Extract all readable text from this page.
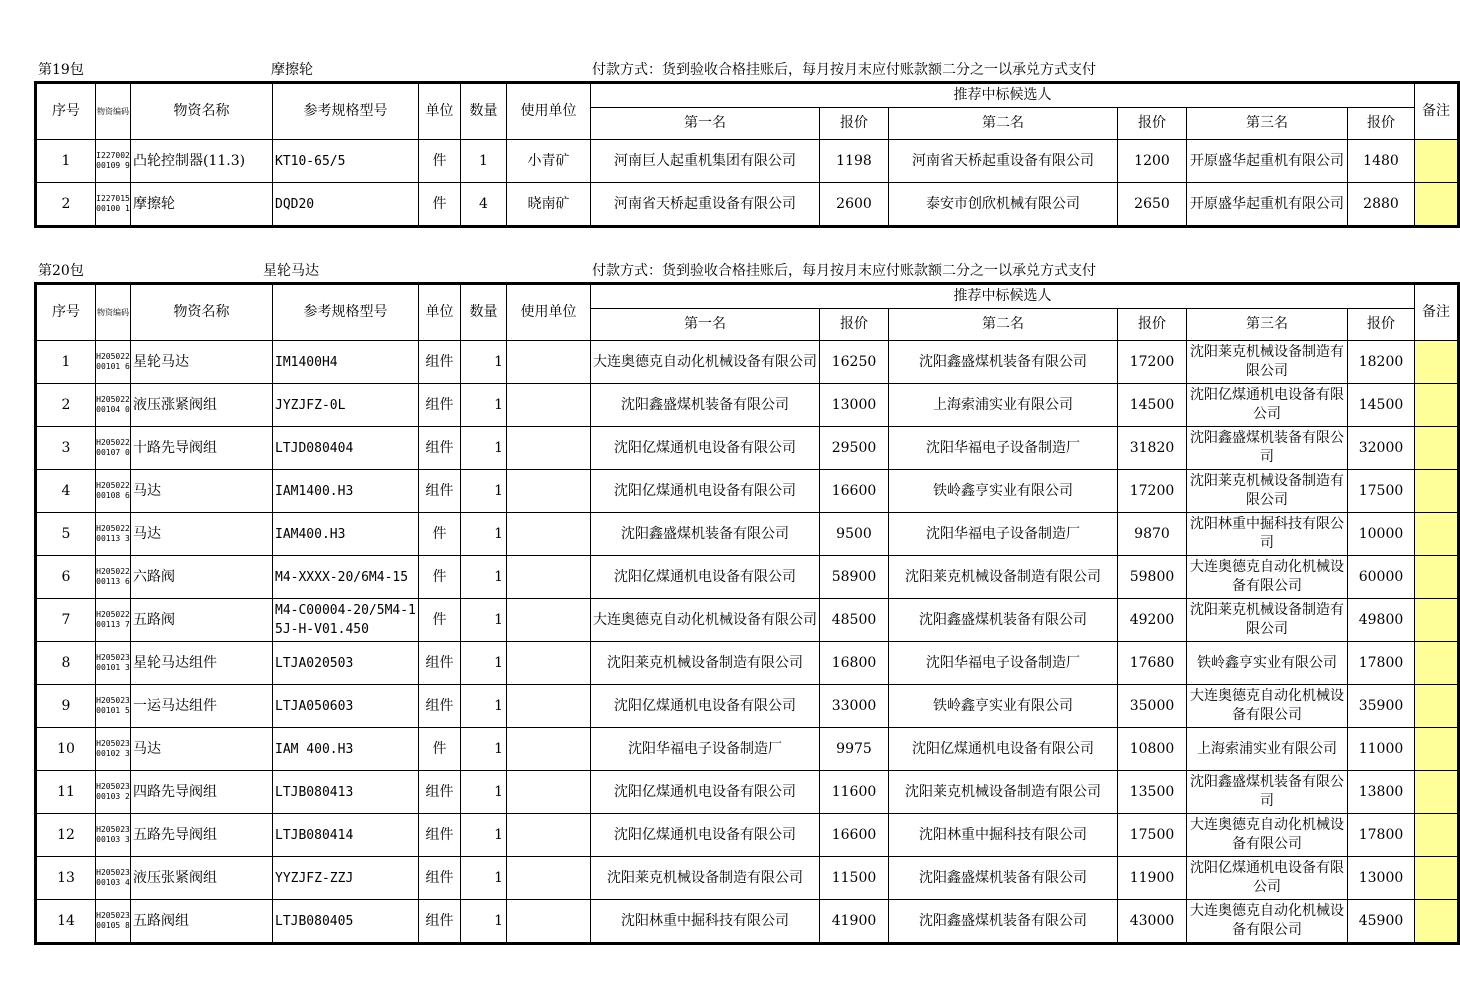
第19包	摩擦轮	付款方式：货到验收合格挂账后，每月按月末应付账款额二分之一以承兑方式支付
序号	物资编码	物资名称	参考规格型号	单位	数量	使用单位	推荐中标候选人						备注
							第一名	报价	第二名	报价	第三名	报价	
1	I22700200109 9	凸轮控制器(11.3)	KT10-65/5	件	1	小青矿	河南巨人起重机集团有限公司	1198	河南省天桥起重设备有限公司	1200	开原盛华起重机有限公司	1480	
2	I22701500100 1	摩擦轮	DQD20	件	4	晓南矿	河南省天桥起重设备有限公司	2600	泰安市创欣机械有限公司	2650	开原盛华起重机有限公司	2880	
第20包	星轮马达	付款方式：货到验收合格挂账后，每月按月末应付账款额二分之一以承兑方式支付
序号	物资编码	物资名称	参考规格型号	单位	数量	使用单位	推荐中标候选人						备注
							第一名	报价	第二名	报价	第三名	报价	
1	H20502200101 6	星轮马达	IM1400H4	组件	1		大连奥德克自动化机械设备有限公司	16250	沈阳鑫盛煤机装备有限公司	17200	沈阳莱克机械设备制造有限公司	18200	
2	H20502200104 0	液压涨紧阀组	JYZJFZ-0L	组件	1		沈阳鑫盛煤机装备有限公司	13000	上海索浦实业有限公司	14500	沈阳亿煤通机电设备有限公司	14500	
3	H20502200107 0	十路先导阀组	LTJD080404	组件	1		沈阳亿煤通机电设备有限公司	29500	沈阳华福电子设备制造厂	31820	沈阳鑫盛煤机装备有限公司	32000	
4	H20502200108 6	马达	IAM1400.H3	组件	1		沈阳亿煤通机电设备有限公司	16600	铁岭鑫亨实业有限公司	17200	沈阳莱克机械设备制造有限公司	17500	
5	H20502200113 3	马达	IAM400.H3	件	1		沈阳鑫盛煤机装备有限公司	9500	沈阳华福电子设备制造厂	9870	沈阳林重中掘科技有限公司	10000	
6	H20502200113 6	六路阀	M4-XXXX-20/6M4-15	件	1		沈阳亿煤通机电设备有限公司	58900	沈阳莱克机械设备制造有限公司	59800	大连奥德克自动化机械设备有限公司	60000	
7	H20502200113 7	五路阀	M4-C00004-20/5M4-15J-H-V01.450	件	1		大连奥德克自动化机械设备有限公司	48500	沈阳鑫盛煤机装备有限公司	49200	沈阳莱克机械设备制造有限公司	49800	
8	H20502300101 3	星轮马达组件	LTJA020503	组件	1		沈阳莱克机械设备制造有限公司	16800	沈阳华福电子设备制造厂	17680	铁岭鑫亨实业有限公司	17800	
9	H20502300101 5	一运马达组件	LTJA050603	组件	1		沈阳亿煤通机电设备有限公司	33000	铁岭鑫亨实业有限公司	35000	大连奥德克自动化机械设备有限公司	35900	
10	H20502300102 3	马达	IAM 400.H3	件	1		沈阳华福电子设备制造厂	9975	沈阳亿煤通机电设备有限公司	10800	上海索浦实业有限公司	11000	
11	H20502300103 2	四路先导阀组	LTJB080413	组件	1		沈阳亿煤通机电设备有限公司	11600	沈阳莱克机械设备制造有限公司	13500	沈阳鑫盛煤机装备有限公司	13800	
12	H20502300103 3	五路先导阀组	LTJB080414	组件	1		沈阳亿煤通机电设备有限公司	16600	沈阳林重中掘科技有限公司	17500	大连奥德克自动化机械设备有限公司	17800	
13	H20502300103 4	液压张紧阀组	YYZJFZ-ZZJ	组件	1		沈阳莱克机械设备制造有限公司	11500	沈阳鑫盛煤机装备有限公司	11900	沈阳亿煤通机电设备有限公司	13000	
14	H20502300105 8	五路阀组	LTJB080405	组件	1		沈阳林重中掘科技有限公司	41900	沈阳鑫盛煤机装备有限公司	43000	大连奥德克自动化机械设备有限公司	45900	
